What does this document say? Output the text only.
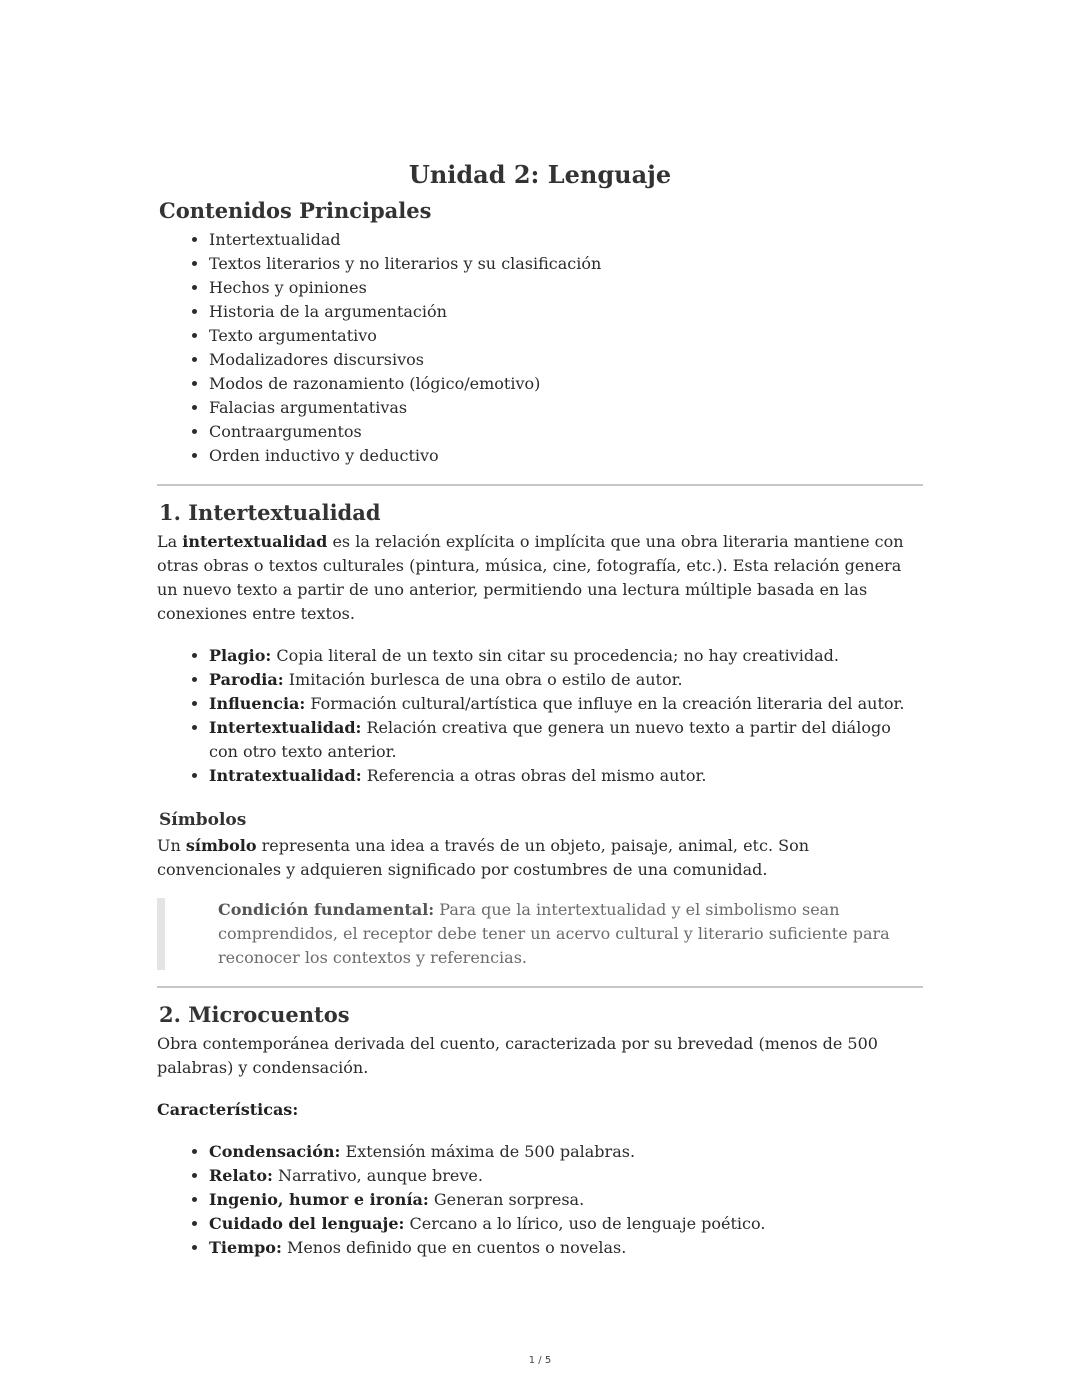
Unidad 2: Lenguaje
Contenidos Principales
• Intertextualidad
• Textos literarios y no literarios y su clasificación
• Hechos y opiniones
• Historia de la argumentación
• Texto argumentativo
• Modalizadores discursivos
• Modos de razonamiento (lógico/emotivo)
• Falacias argumentativas
• Contraargumentos
• Orden inductivo y deductivo
1. Intertextualidad

La intertextualidad es la relación explícita o implícita que una obra literaria mantiene con otras obras o textos culturales (pintura, música, cine, fotografía, etc.). Esta relación genera un nuevo texto a partir de uno anterior, permitiendo una lectura múltiple basada en las conexiones entre textos.

• Plagio: Copia literal de un texto sin citar su procedencia; no hay creatividad.
• Parodia: Imitación burlesca de una obra o estilo de autor.
• Influencia: Formación cultural/artística que influye en la creación literaria del autor.
• Intertextualidad: Relación creativa que genera un nuevo texto a partir del diálogo con otro texto anterior.
• Intratextualidad: Referencia a otras obras del mismo autor.
Símbolos

Un símbolo representa una idea a través de un objeto, paisaje, animal, etc. Son convencionales y adquieren significado por costumbres de una comunidad.

Condición fundamental: Para que la intertextualidad y el simbolismo sean comprendidos, el receptor debe tener un acervo cultural y literario suficiente para reconocer los contextos y referencias.
2. Microcuentos

Obra contemporánea derivada del cuento, caracterizada por su brevedad (menos de 500 palabras) y condensación.

Características:

• Condensación: Extensión máxima de 500 palabras.
• Relato: Narrativo, aunque breve.
• Ingenio, humor e ironía: Generan sorpresa.
• Cuidado del lenguaje: Cercano a lo lírico, uso de lenguaje poético.
• Tiempo: Menos definido que en cuentos o novelas.
1 / 5
